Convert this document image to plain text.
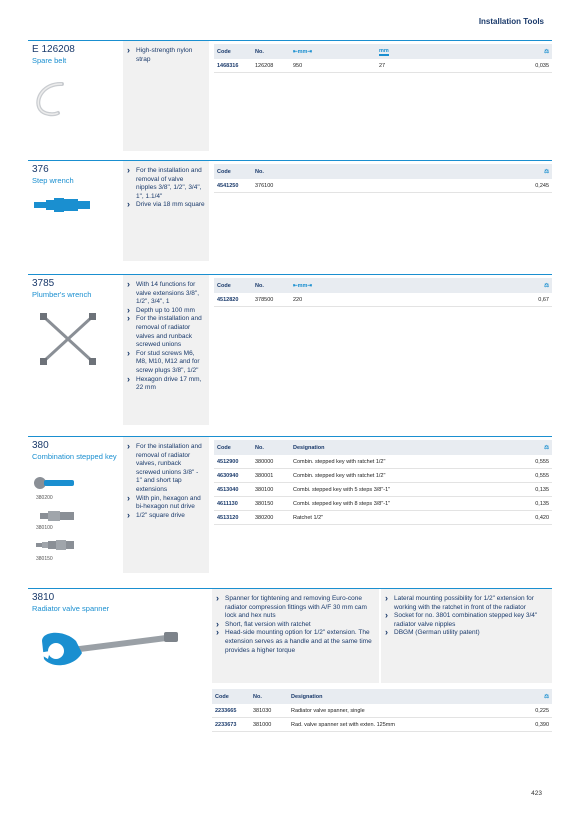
Installation Tools
E 126208
Spare belt
› High-strength nylon strap
Code	No.	⇤mm⇥	mm	⚖
1468316	126208	950	27	0,035
376
Step wrench
› For the installation and removal of valve nipples 3/8", 1/2", 3/4", 1", 1.1/4"
› Drive via 18 mm square
Code	No.	⚖
4541250	376100	0,245
3785
Plumber's wrench
› With 14 functions for valve extensions 3/8", 1/2", 3/4", 1
› Depth up to 100 mm
› For the installation and removal of radiator valves and runback screwed unions
› For stud screws M6, M8, M10, M12 and for screw plugs 3/8", 1/2"
› Hexagon drive 17 mm, 22 mm
Code	No.	⇤mm⇥	⚖
4512820	378500	220	0,67
380
Combination stepped key
380200
380100
380150
› For the installation and removal of radiator valves, runback screwed unions 3/8" - 1" and short tap extensions
› With pin, hexagon and bi-hexagon nut drive
› 1/2" square drive
Code	No.	Designation	⚖
4512900	380000	Combin. stepped key with ratchet 1/2"	0,555
4630940	380001	Combin. stepped key with ratchet 1/2"	0,555
4513040	380100	Combi. stepped key with 5 steps 3/8"-1"	0,135
4611130	380150	Combi. stepped key with 8 steps 3/8"-1"	0,135
4513120	380200	Ratchet 1/2"	0,420
3810
Radiator valve spanner
› Spanner for tightening and removing Euro-cone radiator compression fittings with A/F 30 mm cam lock and hex nuts
› Short, flat version with ratchet
› Head-side mounting option for 1/2" extension. The extension serves as a handle and at the same time provides a higher torque
› Lateral mounting possibility for 1/2" extension for working with the ratchet in front of the radiator
› Socket for no. 3801 combination stepped key 3/4" radiator valve nipples
› DBGM (German utility patent)
Code	No.	Designation	⚖
2233665	381030	Radiator valve spanner, single	0,225
2233673	381000	Rad. valve spanner set with exten. 125mm	0,390
423
